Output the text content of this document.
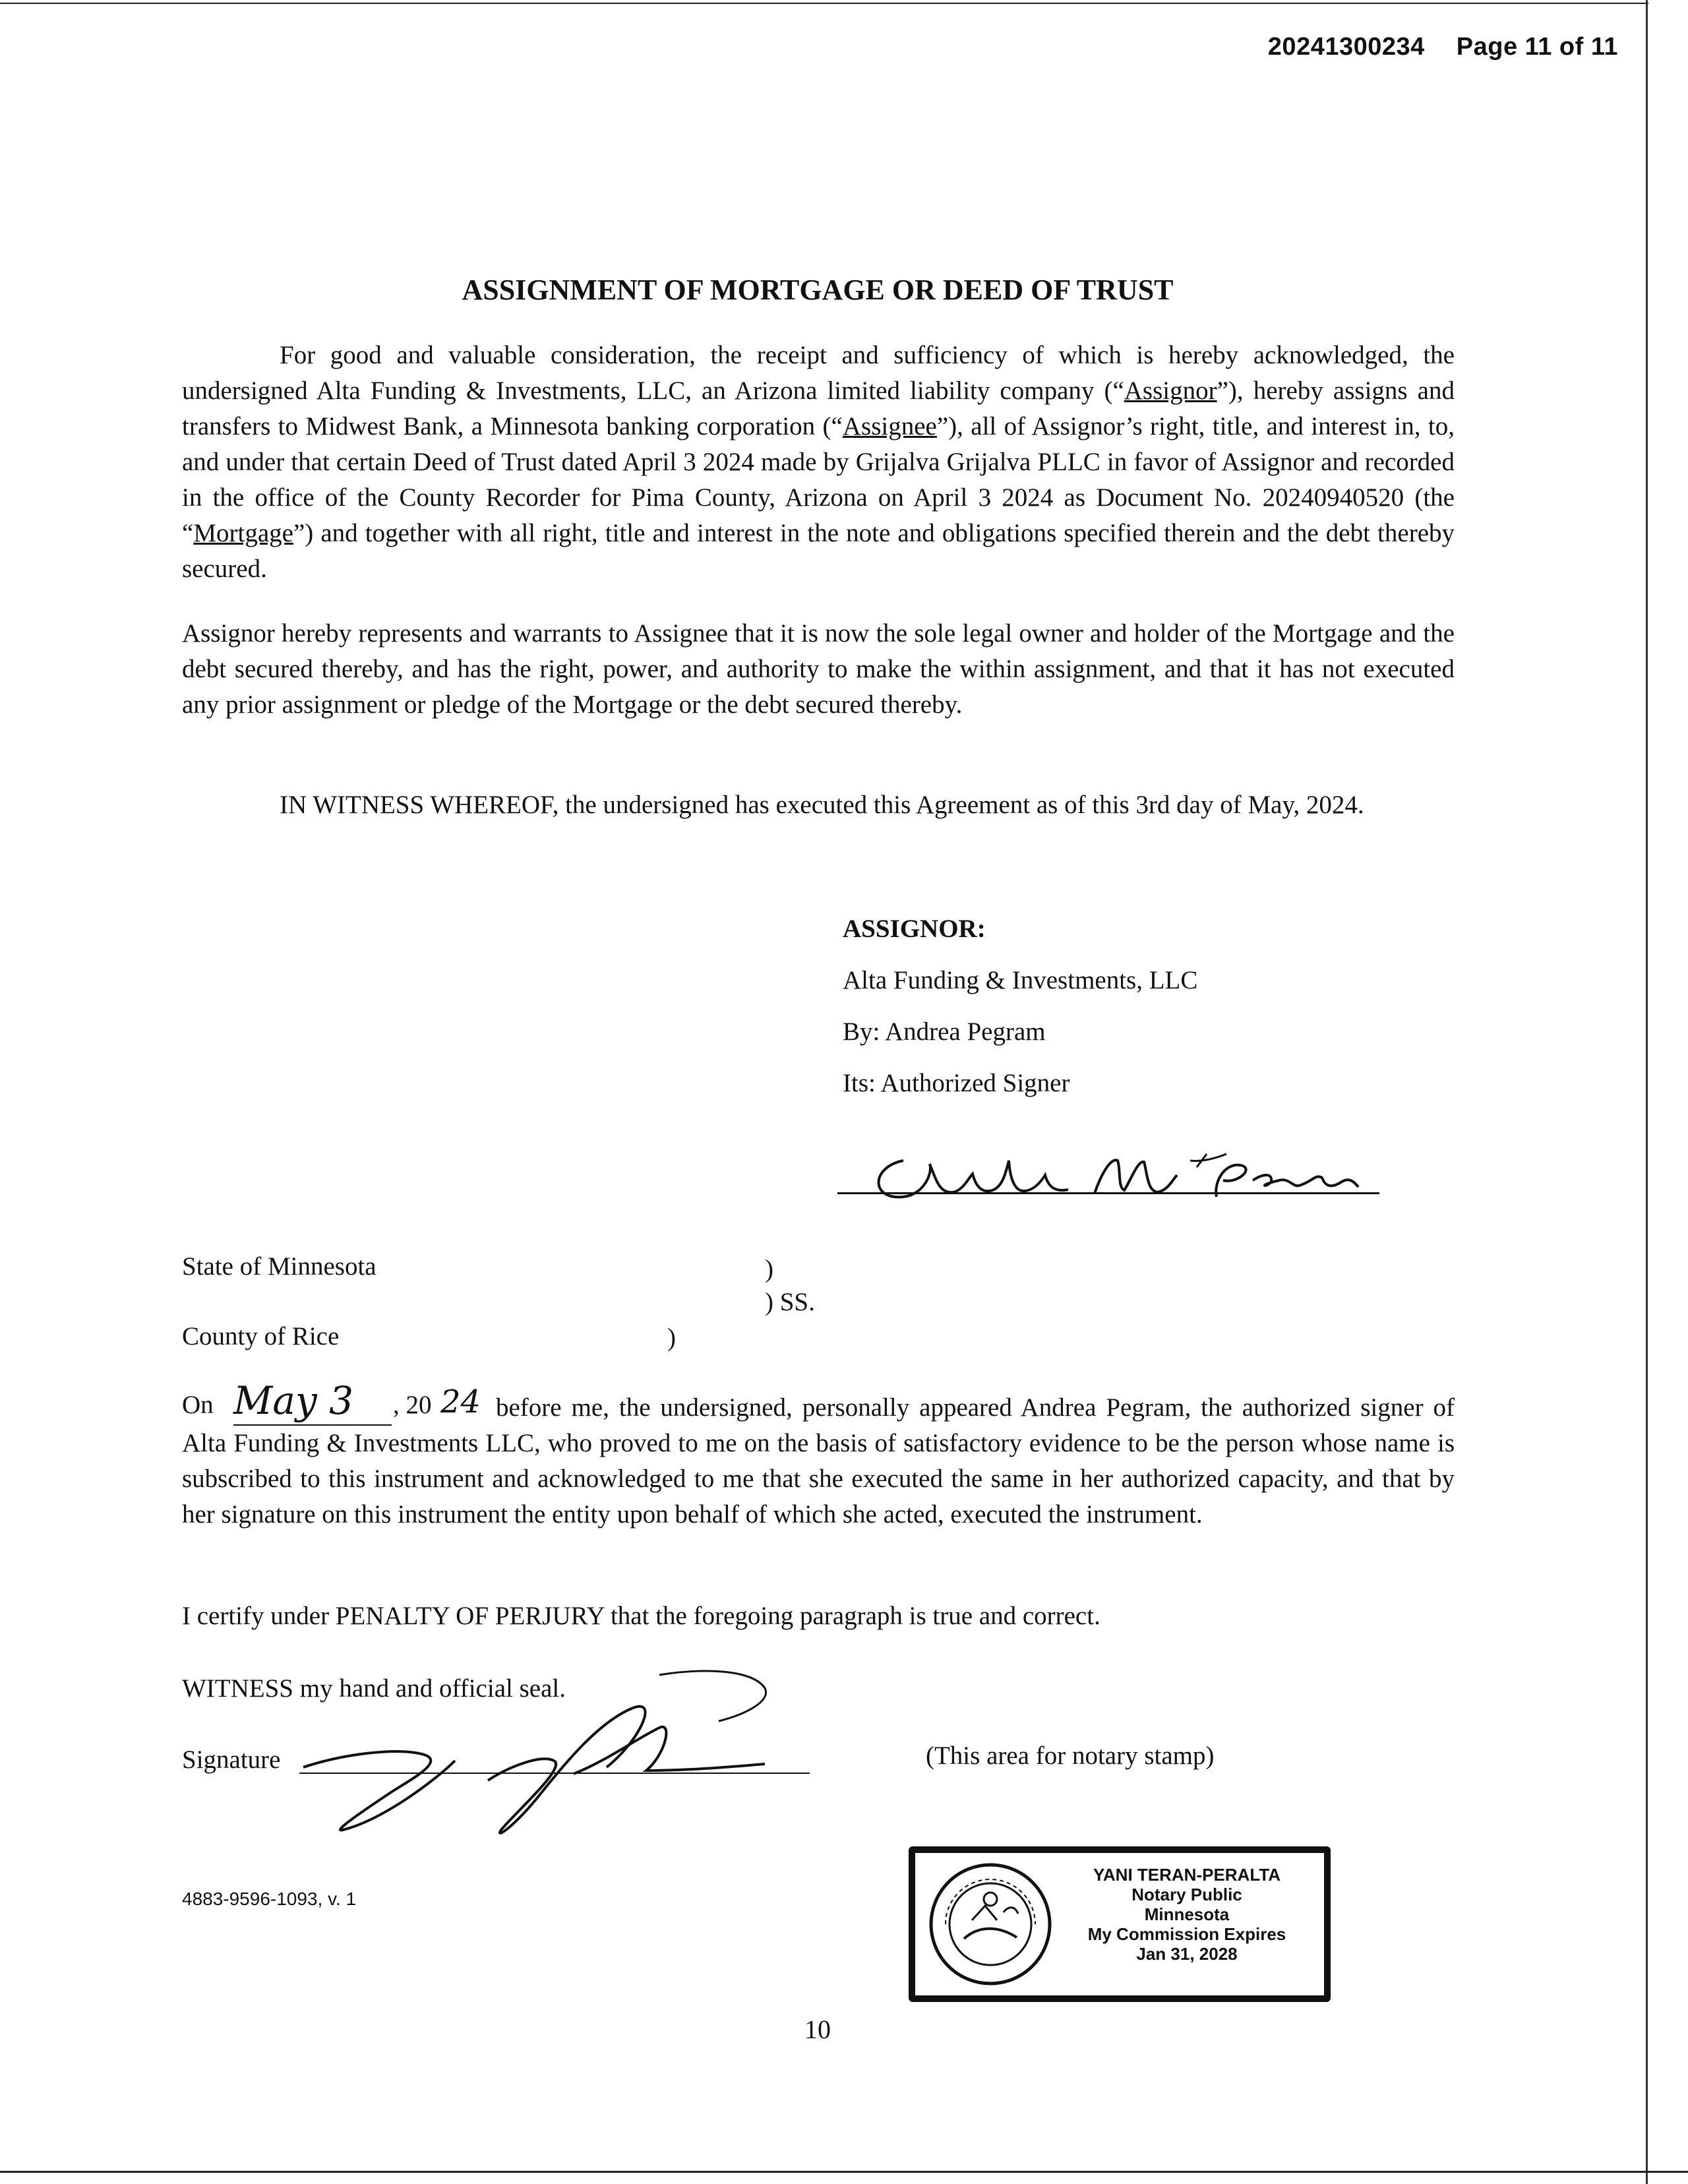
20241300234 Page 11 of 11
ASSIGNMENT OF MORTGAGE OR DEED OF TRUST
For good and valuable consideration, the receipt and sufficiency of which is hereby acknowledged, the undersigned Alta Funding & Investments, LLC, an Arizona limited liability company (“Assignor”), hereby assigns and transfers to Midwest Bank, a Minnesota banking corporation (“Assignee”), all of Assignor’s right, title, and interest in, to, and under that certain Deed of Trust dated April 3 2024 made by Grijalva Grijalva PLLC in favor of Assignor and recorded in the office of the County Recorder for Pima County, Arizona on April 3 2024 as Document No. 20240940520 (the “Mortgage”) and together with all right, title and interest in the note and obligations specified therein and the debt thereby secured.
Assignor hereby represents and warrants to Assignee that it is now the sole legal owner and holder of the Mortgage and the debt secured thereby, and has the right, power, and authority to make the within assignment, and that it has not executed any prior assignment or pledge of the Mortgage or the debt secured thereby.
IN WITNESS WHEREOF, the undersigned has executed this Agreement as of this 3rd day of May, 2024.
ASSIGNOR:
Alta Funding & Investments, LLC
By: Andrea Pegram
Its: Authorized Signer
State of Minnesota	)
) SS.
County of Rice	)
On May 3 , 20 24 before me, the undersigned, personally appeared Andrea Pegram, the authorized signer of Alta Funding & Investments LLC, who proved to me on the basis of satisfactory evidence to be the person whose name is subscribed to this instrument and acknowledged to me that she executed the same in her authorized capacity, and that by her signature on this instrument the entity upon behalf of which she acted, executed the instrument.
I certify under PENALTY OF PERJURY that the foregoing paragraph is true and correct.
WITNESS my hand and official seal.
Signature	(This area for notary stamp)
YANI TERAN-PERALTA
Notary Public
Minnesota
My Commission Expires
Jan 31, 2028
4883-9596-1093, v. 1
10
